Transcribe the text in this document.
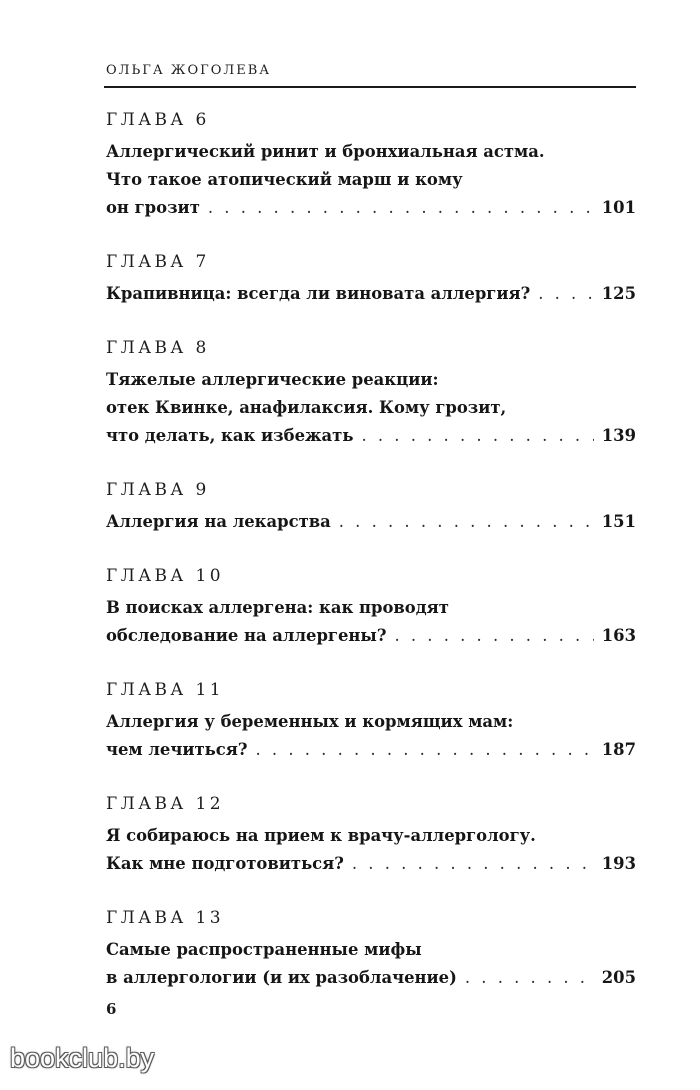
ОЛЬГА ЖОГОЛЕВА
ГЛАВА 6
Аллергический ринит и бронхиальная астма.
Что такое атопический марш и кому
он грозит . . .	101
ГЛАВА 7
Крапивница: всегда ли виновата аллергия? . . .	125
ГЛАВА 8
Тяжелые аллергические реакции:
отек Квинке, анафилаксия. Кому грозит,
что делать, как избежать . . .	139
ГЛАВА 9
Аллергия на лекарства . . .	151
ГЛАВА 10
В поисках аллергена: как проводят
обследование на аллергены? . . .	163
ГЛАВА 11
Аллергия у беременных и кормящих мам:
чем лечиться? . . .	187
ГЛАВА 12
Я собираюсь на прием к врачу-аллергологу.
Как мне подготовиться? . . .	193
ГЛАВА 13
Самые распространенные мифы
в аллергологии (и их разоблачение) . . .	205
6
bookclub.by
